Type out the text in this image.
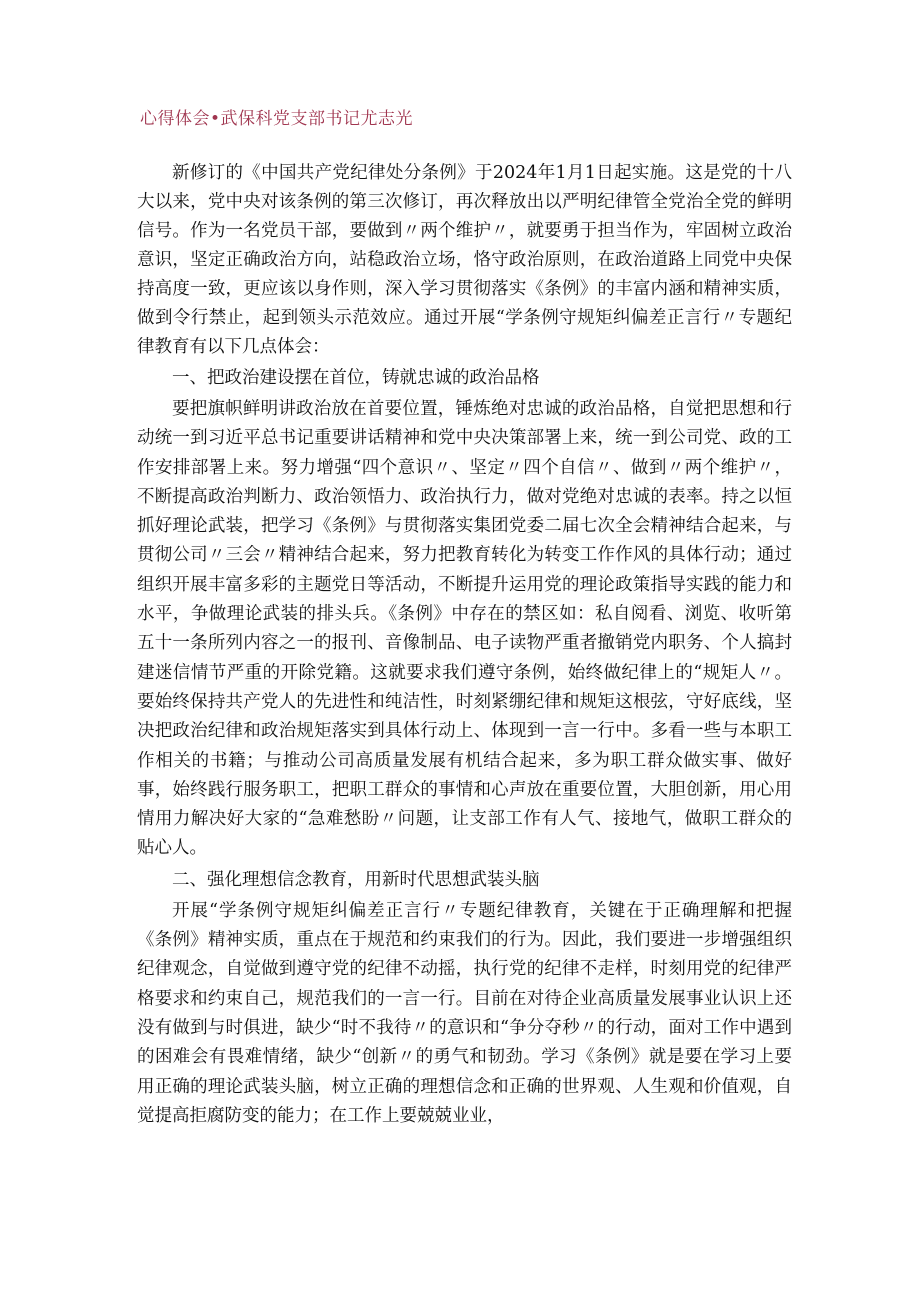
心得体会•武保科党支部书记尤志光

新修订的《中国共产党纪律处分条例》于2024年1月1日起实施。这是党的十八大以来，党中央对该条例的第三次修订，再次释放出以严明纪律管全党治全党的鲜明信号。作为一名党员干部，要做到〃两个维护〃，就要勇于担当作为，牢固树立政治意识，坚定正确政治方向，站稳政治立场，恪守政治原则，在政治道路上同党中央保持高度一致，更应该以身作则，深入学习贯彻落实《条例》的丰富内涵和精神实质，做到令行禁止，起到领头示范效应。通过开展“学条例守规矩纠偏差正言行〃专题纪律教育有以下几点体会：

一、把政治建设摆在首位，铸就忠诚的政治品格

要把旗帜鲜明讲政治放在首要位置，锤炼绝对忠诚的政治品格，自觉把思想和行动统一到习近平总书记重要讲话精神和党中央决策部署上来，统一到公司党、政的工作安排部署上来。努力增强“四个意识〃、坚定〃四个自信〃、做到〃两个维护〃，不断提高政治判断力、政治领悟力、政治执行力，做对党绝对忠诚的表率。持之以恒抓好理论武装，把学习《条例》与贯彻落实集团党委二届七次全会精神结合起来，与贯彻公司〃三会〃精神结合起来，努力把教育转化为转变工作作风的具体行动；通过组织开展丰富多彩的主题党日等活动，不断提升运用党的理论政策指导实践的能力和水平，争做理论武装的排头兵。《条例》中存在的禁区如：私自阅看、浏览、收听第五十一条所列内容之一的报刊、音像制品、电子读物严重者撤销党内职务、个人搞封建迷信情节严重的开除党籍。这就要求我们遵守条例，始终做纪律上的“规矩人〃。要始终保持共产党人的先进性和纯洁性，时刻紧绷纪律和规矩这根弦，守好底线，坚决把政治纪律和政治规矩落实到具体行动上、体现到一言一行中。多看一些与本职工作相关的书籍；与推动公司高质量发展有机结合起来，多为职工群众做实事、做好事，始终践行服务职工，把职工群众的事情和心声放在重要位置，大胆创新，用心用情用力解决好大家的“急难愁盼〃问题，让支部工作有人气、接地气，做职工群众的贴心人。

二、强化理想信念教育，用新时代思想武装头脑

开展“学条例守规矩纠偏差正言行〃专题纪律教育，关键在于正确理解和把握《条例》精神实质，重点在于规范和约束我们的行为。因此，我们要进一步增强组织纪律观念，自觉做到遵守党的纪律不动摇，执行党的纪律不走样，时刻用党的纪律严格要求和约束自己，规范我们的一言一行。目前在对待企业高质量发展事业认识上还没有做到与时俱进，缺少“时不我待〃的意识和“争分夺秒〃的行动，面对工作中遇到的困难会有畏难情绪，缺少“创新〃的勇气和韧劲。学习《条例》就是要在学习上要用正确的理论武装头脑，树立正确的理想信念和正确的世界观、人生观和价值观，自觉提高拒腐防变的能力；在工作上要兢兢业业，
